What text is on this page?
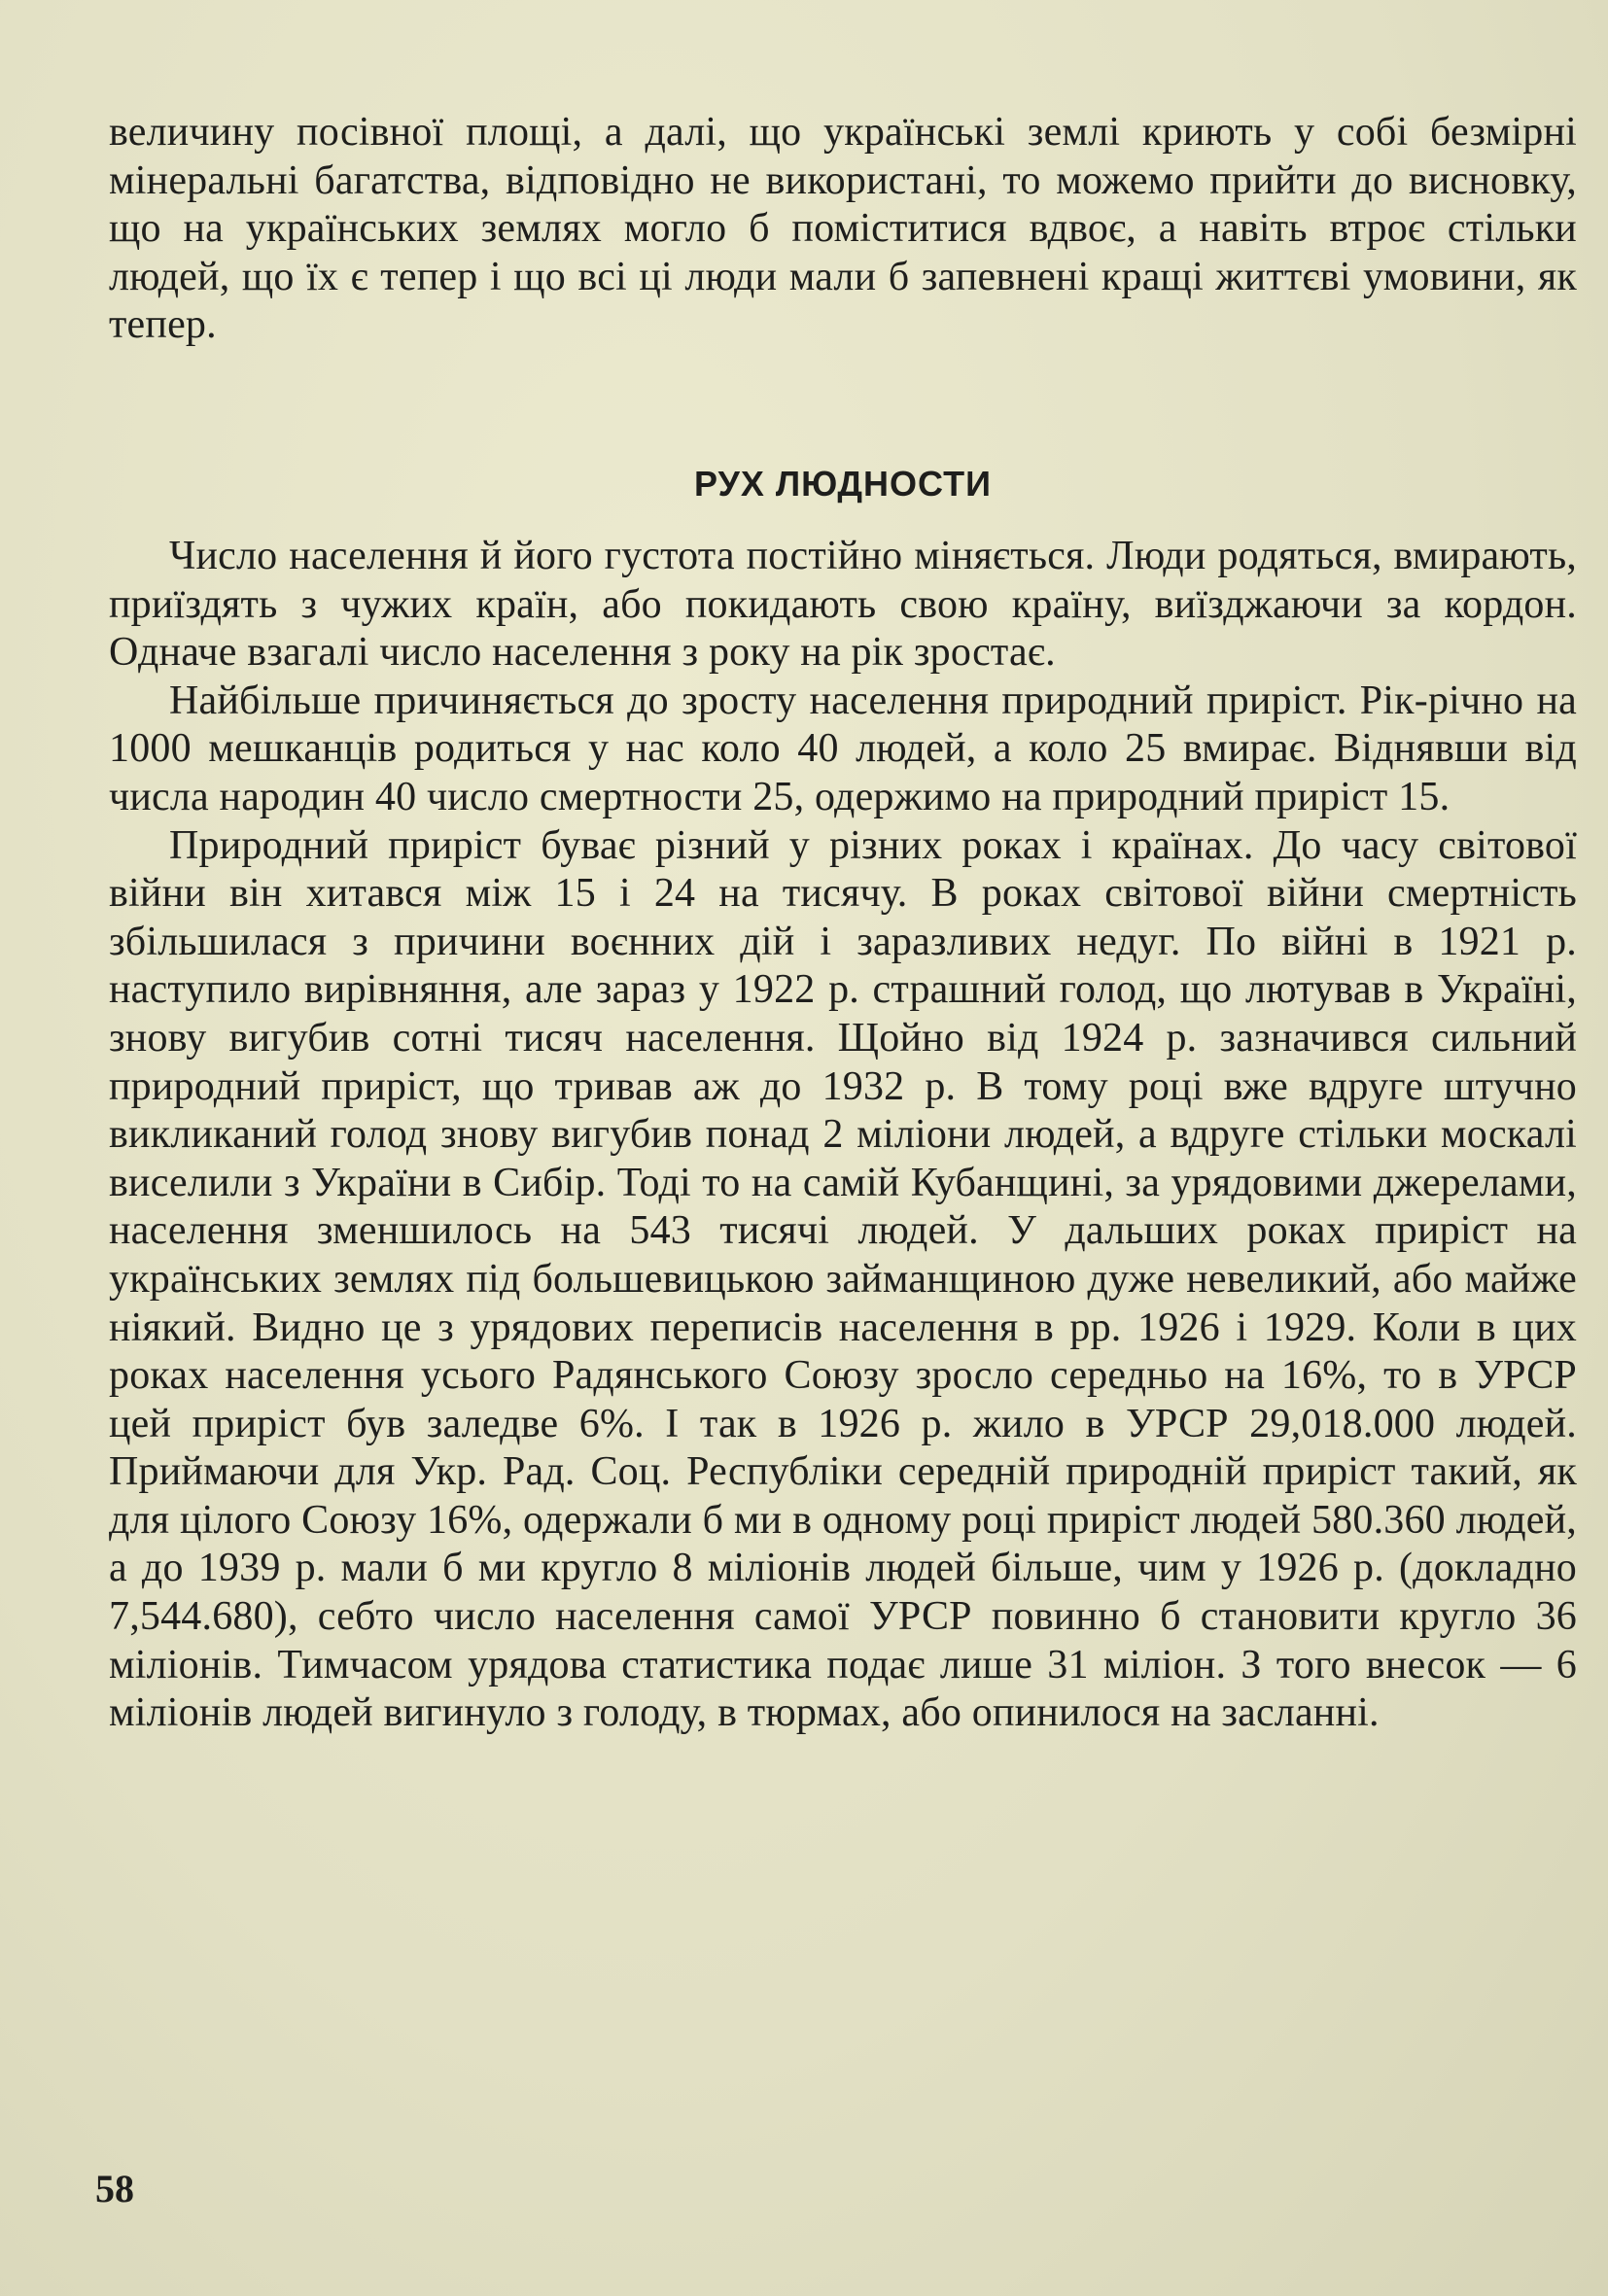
величину посівної площі, а далі, що українські землі криють у собі безмірні мінеральні багатства, відповідно не використані, то можемо прийти до висновку, що на українських землях могло б поміститися вдвоє, а навіть втроє стільки людей, що їх є тепер і що всі ці люди мали б запевнені кращі життєві умовини, як тепер.

РУХ ЛЮДНОСТИ

Число населення й його густота постійно міняється. Люди родяться, вмирають, приїздять з чужих країн, або покидають свою країну, виїзджаючи за кордон. Одначе взагалі число населення з року на рік зростає.

Найбільше причиняється до зросту населення природний приріст. Рік-річно на 1000 мешканців родиться у нас коло 40 людей, а коло 25 вмирає. Віднявши від числа народин 40 число смертности 25, одержимо на природний приріст 15.

Природний приріст буває різний у різних роках і країнах. До часу світової війни він хитався між 15 і 24 на тисячу. В роках світової війни смертність збільшилася з причини воєнних дій і заразливих недуг. По війні в 1921 р. наступило вирівняння, але зараз у 1922 р. страшний голод, що лютував в Україні, знову вигубив сотні тисяч населення. Щойно від 1924 р. зазначився сильний природний приріст, що тривав аж до 1932 р. В тому році вже вдруге штучно викликаний голод знову вигубив понад 2 міліони людей, а вдруге стільки москалі виселили з України в Сибір. Тоді то на самій Кубанщині, за урядовими джерелами, населення зменшилось на 543 тисячі людей. У дальших роках приріст на українських землях під большевицькою займанщиною дуже невеликий, або майже ніякий. Видно це з урядових переписів населення в рр. 1926 і 1929. Коли в цих роках населення усього Радянського Союзу зросло середньо на 16%, то в УРСР цей приріст був заледве 6%. І так в 1926 р. жило в УРСР 29,018.000 людей. Приймаючи для Укр. Рад. Соц. Республіки середній природній приріст такий, як для цілого Союзу 16%, одержали б ми в одному році приріст людей 580.360 людей, а до 1939 р. мали б ми кругло 8 міліонів людей більше, чим у 1926 р. (докладно 7,544.680), себто число населення самої УРСР повинно б становити кругло 36 міліонів. Тимчасом урядова статистика подає лише 31 міліон. З того внесок — 6 міліонів людей вигинуло з голоду, в тюрмах, або опинилося на засланні.

58
